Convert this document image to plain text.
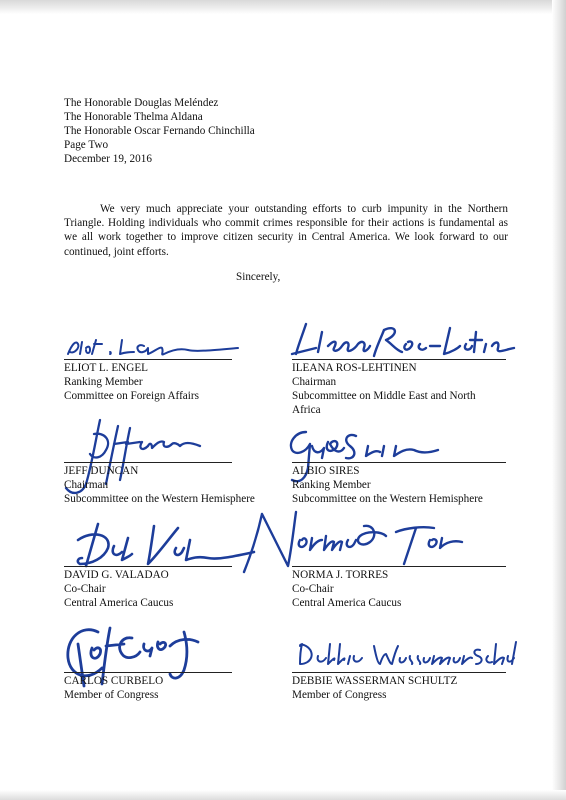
The Honorable Douglas Meléndez
The Honorable Thelma Aldana
The Honorable Oscar Fernando Chinchilla
Page Two
December 19, 2016
We very much appreciate your outstanding efforts to curb impunity in the Northern Triangle. Holding individuals who commit crimes responsible for their actions is fundamental as we all work together to improve citizen security in Central America. We look forward to our continued, joint efforts.
Sincerely,
ELIOT L. ENGEL
Ranking Member
Committee on Foreign Affairs
ILEANA ROS-LEHTINEN
Chairman
Subcommittee on Middle East and North
Africa
JEFF DUNCAN
Chairman
Subcommittee on the Western Hemisphere
ALBIO SIRES
Ranking Member
Subcommittee on the Western Hemisphere
DAVID G. VALADAO
Co-Chair
Central America Caucus
NORMA J. TORRES
Co-Chair
Central America Caucus
CARLOS CURBELO
Member of Congress
DEBBIE WASSERMAN SCHULTZ
Member of Congress
